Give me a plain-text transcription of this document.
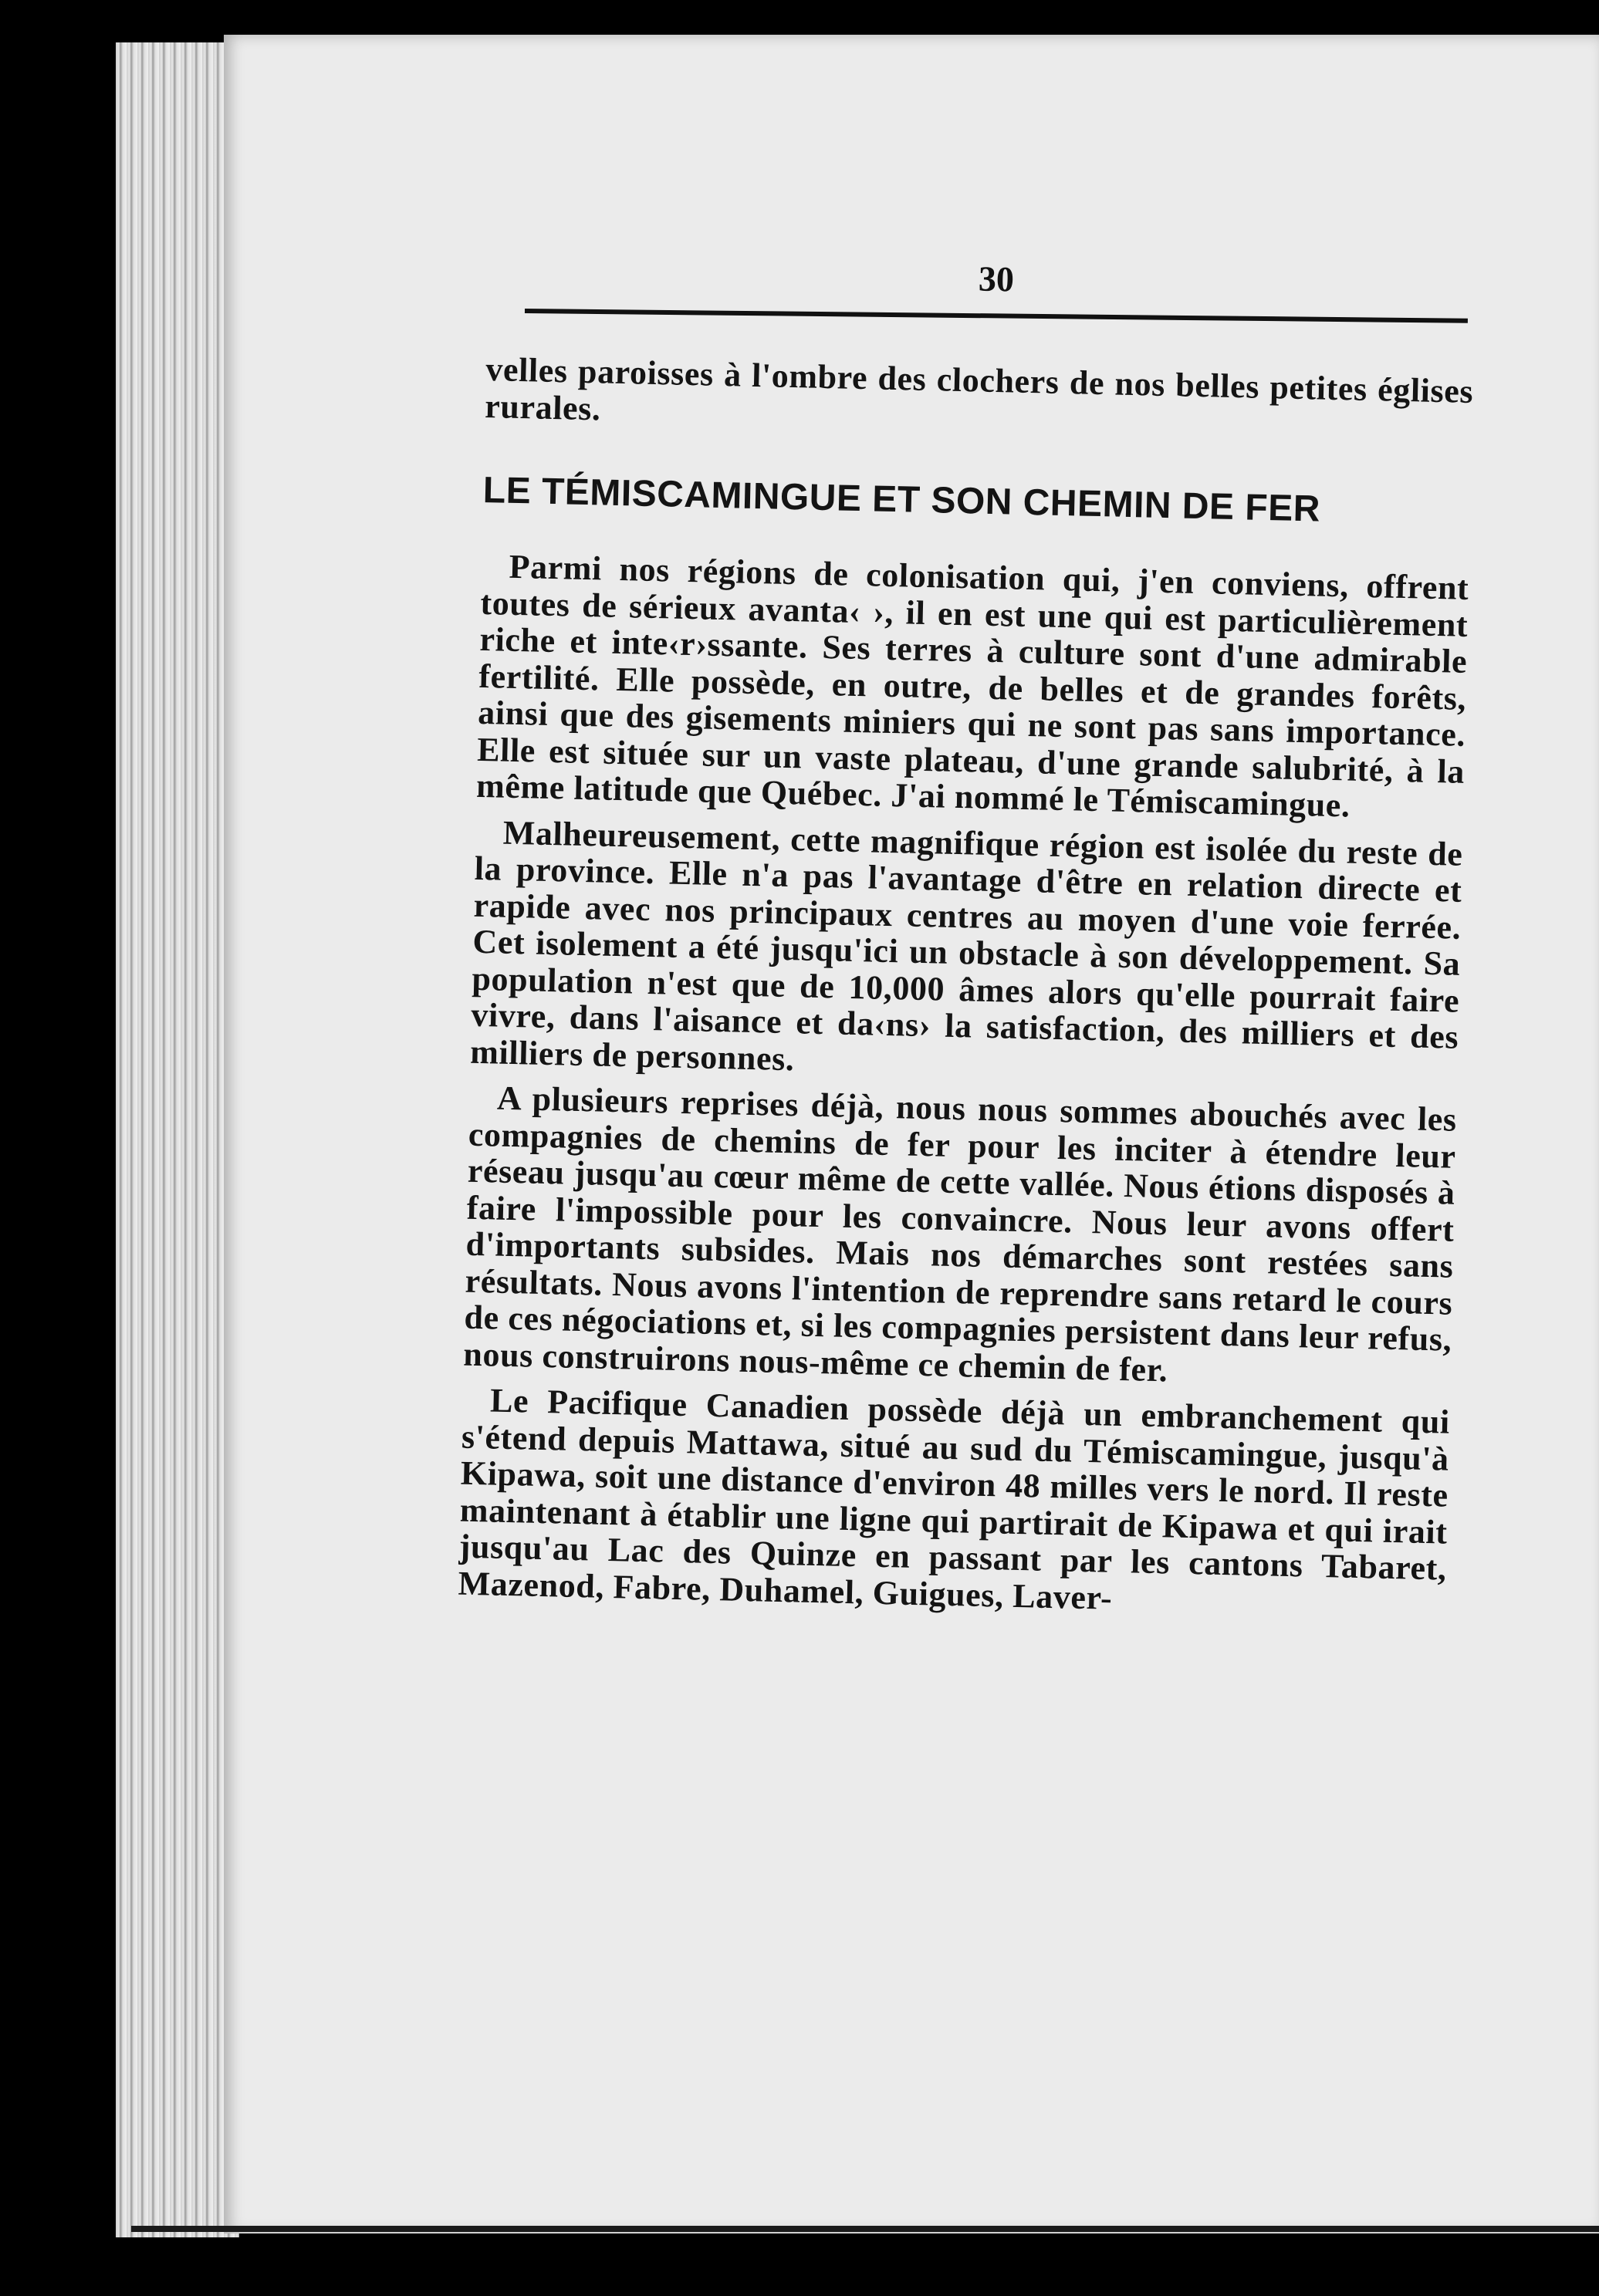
30

velles paroisses à l'ombre des clochers de nos belles petites églises rurales.

LE TÉMISCAMINGUE ET SON CHEMIN DE FER

Parmi nos régions de colonisation qui, j'en conviens, offrent toutes de sérieux avanta‹ ›, il en est une qui est particulièrement riche et inte‹r›ssante. Ses terres à culture sont d'une admirable fertilité. Elle possède, en outre, de belles et de grandes forêts, ainsi que des gisements miniers qui ne sont pas sans importance. Elle est située sur un vaste plateau, d'une grande salubrité, à la même latitude que Québec. J'ai nommé le Témiscamingue.

Malheureusement, cette magnifique région est isolée du reste de la province. Elle n'a pas l'avantage d'être en relation directe et rapide avec nos principaux centres au moyen d'une voie ferrée. Cet isolement a été jusqu'ici un obstacle à son développement. Sa population n'est que de 10,000 âmes alors qu'elle pourrait faire vivre, dans l'aisance et da‹ns› la satisfaction, des milliers et des milliers de personnes.

A plusieurs reprises déjà, nous nous sommes abouchés avec les compagnies de chemins de fer pour les inciter à étendre leur réseau jusqu'au cœur même de cette vallée. Nous étions disposés à faire l'impossible pour les convaincre. Nous leur avons offert d'importants subsides. Mais nos démarches sont restées sans résultats. Nous avons l'intention de reprendre sans retard le cours de ces négociations et, si les compagnies persistent dans leur refus, nous construirons nous-même ce chemin de fer.

Le Pacifique Canadien possède déjà un embranchement qui s'étend depuis Mattawa, situé au sud du Témiscamingue, jusqu'à Kipawa, soit une distance d'environ 48 milles vers le nord. Il reste maintenant à établir une ligne qui partirait de Kipawa et qui irait jusqu'au Lac des Quinze en passant par les cantons Tabaret, Mazenod, Fabre, Duhamel, Guigues, Laver-
